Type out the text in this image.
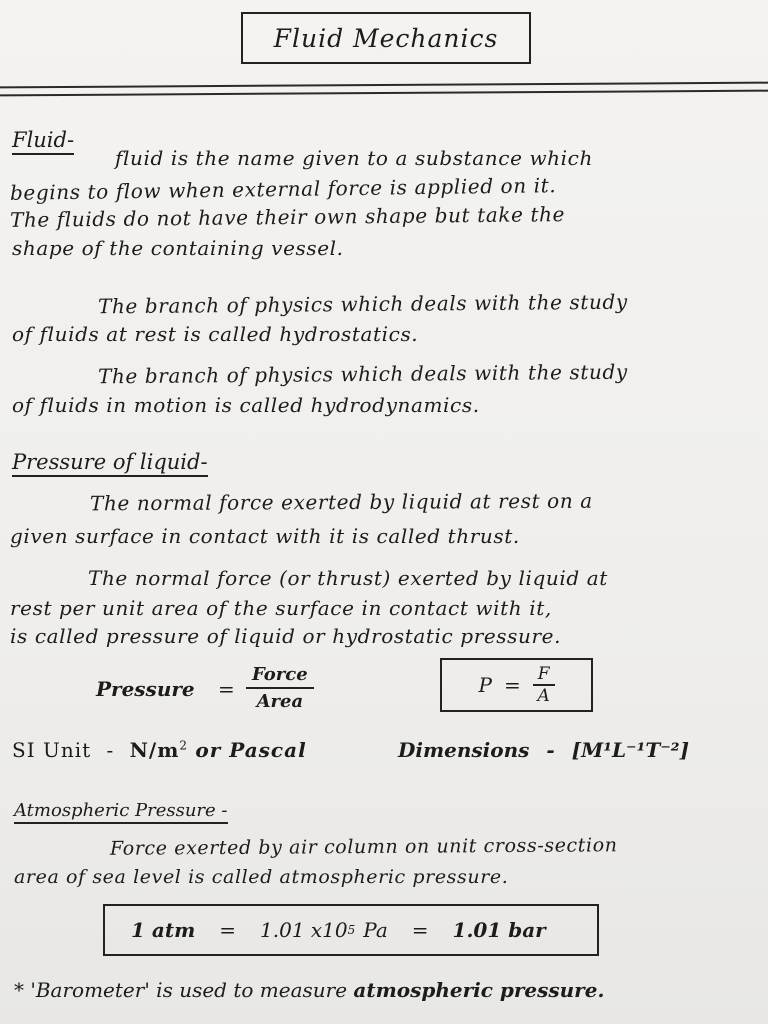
Fluid Mechanics
Fluid-
fluid is the name given to a substance which
begins to flow when external force is applied on it.
The fluids do not have their own shape but take the
shape of the containing vessel.
The branch of physics which deals with the study
of fluids at rest is called hydrostatics.
The branch of physics which deals with the study
of fluids in motion is called hydrodynamics.
Pressure of liquid-
The normal force exerted by liquid at rest on a
given surface in contact with it is called thrust.
The normal force (or thrust) exerted by liquid at
rest per unit area of the surface in contact with it,
is called pressure of liquid or hydrostatic pressure.
Pressure =
Force
Area
$P = \frac{F}{A}$
SI Unit - $N/m^2$ or Pascal	Dimensions - [M¹L⁻¹T⁻²]
Atmospheric Pressure -
Force exerted by air column on unit cross-section
area of sea level is called atmospheric pressure.
1 atm = 1.01 x10 5 Pa = 1.01 bar
* 'Barometer' is used to measure atmospheric pressure.
